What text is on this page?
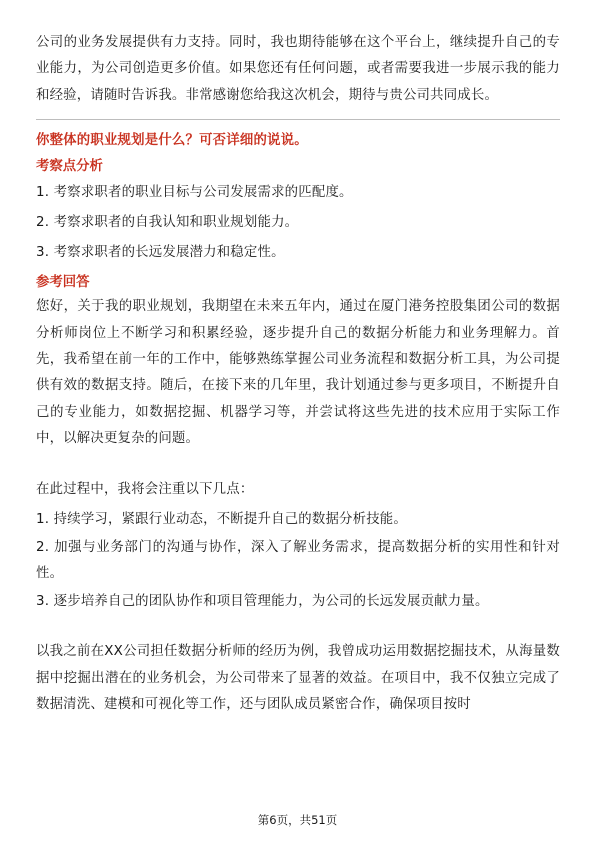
公司的业务发展提供有力支持。同时，我也期待能够在这个平台上，继续提升自己的专业能力，为公司创造更多价值。如果您还有任何问题，或者需要我进一步展示我的能力和经验，请随时告诉我。非常感谢您给我这次机会，期待与贵公司共同成长。

你整体的职业规划是什么？可否详细的说说。

考察点分析

1. 考察求职者的职业目标与公司发展需求的匹配度。

2. 考察求职者的自我认知和职业规划能力。

3. 考察求职者的长远发展潜力和稳定性。

参考回答

您好，关于我的职业规划，我期望在未来五年内，通过在厦门港务控股集团公司的数据分析师岗位上不断学习和积累经验，逐步提升自己的数据分析能力和业务理解力。首先，我希望在前一年的工作中，能够熟练掌握公司业务流程和数据分析工具，为公司提供有效的数据支持。随后，在接下来的几年里，我计划通过参与更多项目，不断提升自己的专业能力，如数据挖掘、机器学习等，并尝试将这些先进的技术应用于实际工作中，以解决更复杂的问题。

在此过程中，我将会注重以下几点：

1. 持续学习，紧跟行业动态，不断提升自己的数据分析技能。

2. 加强与业务部门的沟通与协作，深入了解业务需求，提高数据分析的实用性和针对性。

3. 逐步培养自己的团队协作和项目管理能力，为公司的长远发展贡献力量。

以我之前在XX公司担任数据分析师的经历为例，我曾成功运用数据挖掘技术，从海量数据中挖掘出潜在的业务机会，为公司带来了显著的效益。在项目中，我不仅独立完成了数据清洗、建模和可视化等工作，还与团队成员紧密合作，确保项目按时

第6页，共51页
